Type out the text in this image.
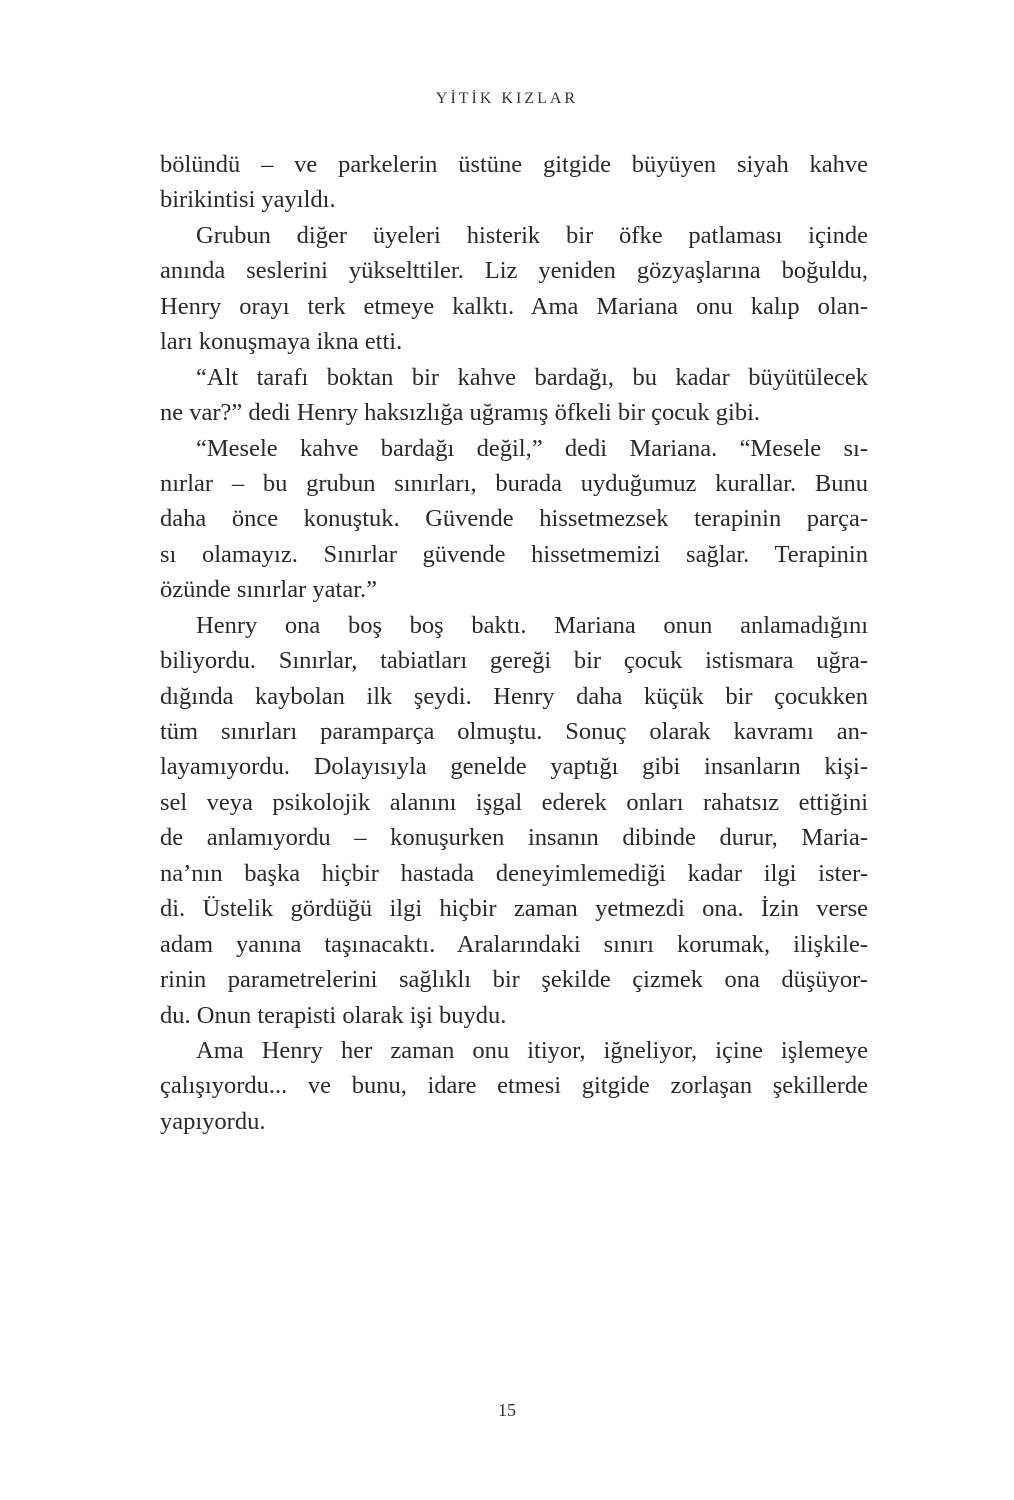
YİTİK KIZLAR
bölündü – ve parkelerin üstüne gitgide büyüyen siyah kahve
birikintisi yayıldı.
Grubun diğer üyeleri histerik bir öfke patlaması içinde
anında seslerini yükselttiler. Liz yeniden gözyaşlarına boğuldu,
Henry orayı terk etmeye kalktı. Ama Mariana onu kalıp olan-
ları konuşmaya ikna etti.
“Alt tarafı boktan bir kahve bardağı, bu kadar büyütülecek
ne var?” dedi Henry haksızlığa uğramış öfkeli bir çocuk gibi.
“Mesele kahve bardağı değil,” dedi Mariana. “Mesele sı-
nırlar – bu grubun sınırları, burada uyduğumuz kurallar. Bunu
daha önce konuştuk. Güvende hissetmezsek terapinin parça-
sı olamayız. Sınırlar güvende hissetmemizi sağlar. Terapinin
özünde sınırlar yatar.”
Henry ona boş boş baktı. Mariana onun anlamadığını
biliyordu. Sınırlar, tabiatları gereği bir çocuk istismara uğra-
dığında kaybolan ilk şeydi. Henry daha küçük bir çocukken
tüm sınırları paramparça olmuştu. Sonuç olarak kavramı an-
layamıyordu. Dolayısıyla genelde yaptığı gibi insanların kişi-
sel veya psikolojik alanını işgal ederek onları rahatsız ettiğini
de anlamıyordu – konuşurken insanın dibinde durur, Maria-
na’nın başka hiçbir hastada deneyimlemediği kadar ilgi ister-
di. Üstelik gördüğü ilgi hiçbir zaman yetmezdi ona. İzin verse
adam yanına taşınacaktı. Aralarındaki sınırı korumak, ilişkile-
rinin parametrelerini sağlıklı bir şekilde çizmek ona düşüyor-
du. Onun terapisti olarak işi buydu.
Ama Henry her zaman onu itiyor, iğneliyor, içine işlemeye
çalışıyordu... ve bunu, idare etmesi gitgide zorlaşan şekillerde
yapıyordu.
15
